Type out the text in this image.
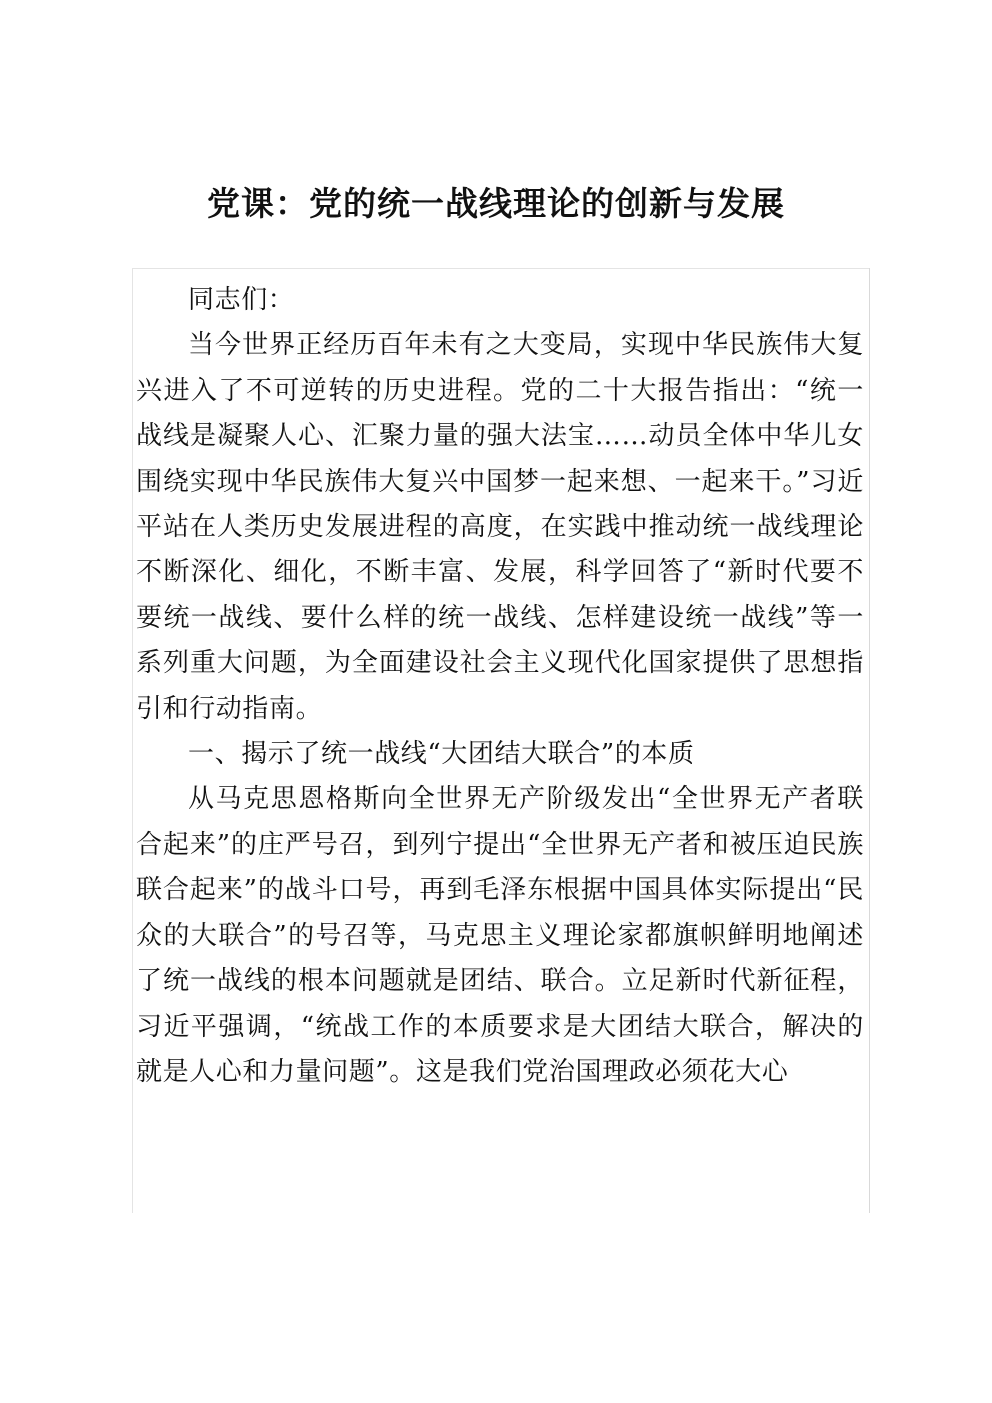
党课：党的统一战线理论的创新与发展

同志们：

当今世界正经历百年未有之大变局，实现中华民族伟大复兴进入了不可逆转的历史进程。党的二十大报告指出：“统一战线是凝聚人心、汇聚力量的强大法宝……动员全体中华儿女围绕实现中华民族伟大复兴中国梦一起来想、一起来干。”习近平站在人类历史发展进程的高度，在实践中推动统一战线理论不断深化、细化，不断丰富、发展，科学回答了“新时代要不要统一战线、要什么样的统一战线、怎样建设统一战线”等一系列重大问题，为全面建设社会主义现代化国家提供了思想指引和行动指南。

一、揭示了统一战线“大团结大联合”的本质

从马克思恩格斯向全世界无产阶级发出“全世界无产者联合起来”的庄严号召，到列宁提出“全世界无产者和被压迫民族联合起来”的战斗口号，再到毛泽东根据中国具体实际提出“民众的大联合”的号召等，马克思主义理论家都旗帜鲜明地阐述了统一战线的根本问题就是团结、联合。立足新时代新征程，习近平强调，“统战工作的本质要求是大团结大联合，解决的就是人心和力量问题”。这是我们党治国理政必须花大心
